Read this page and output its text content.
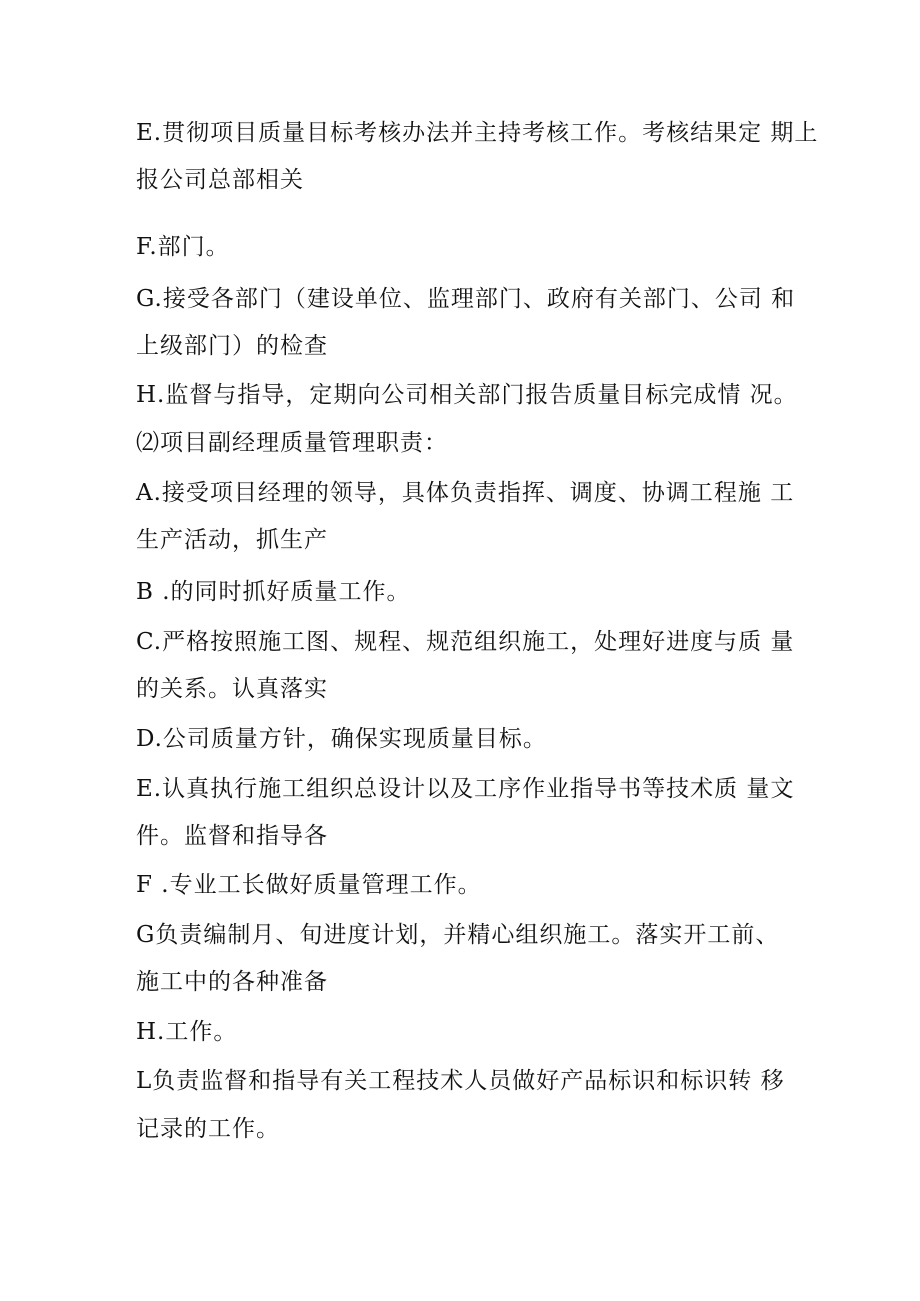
E.贯彻项目质量目标考核办法并主持考核工作。考核结果定 期上
报公司总部相关
F.部门。
G.接受各部门（建设单位、监理部门、政府有关部门、公司 和
上级部门）的检查
H.监督与指导，定期向公司相关部门报告质量目标完成情 况。
⑵项目副经理质量管理职责：
A.接受项目经理的领导，具体负责指挥、调度、协调工程施 工
生产活动，抓生产
B .的同时抓好质量工作。
C.严格按照施工图、规程、规范组织施工，处理好进度与质 量
的关系。认真落实
D.公司质量方针，确保实现质量目标。
E.认真执行施工组织总设计以及工序作业指导书等技术质 量文
件。监督和指导各
F .专业工长做好质量管理工作。
G负责编制月、旬进度计划，并精心组织施工。落实开工前、
施工中的各种准备
H.工作。
L负责监督和指导有关工程技术人员做好产品标识和标识转 移
记录的工作。
